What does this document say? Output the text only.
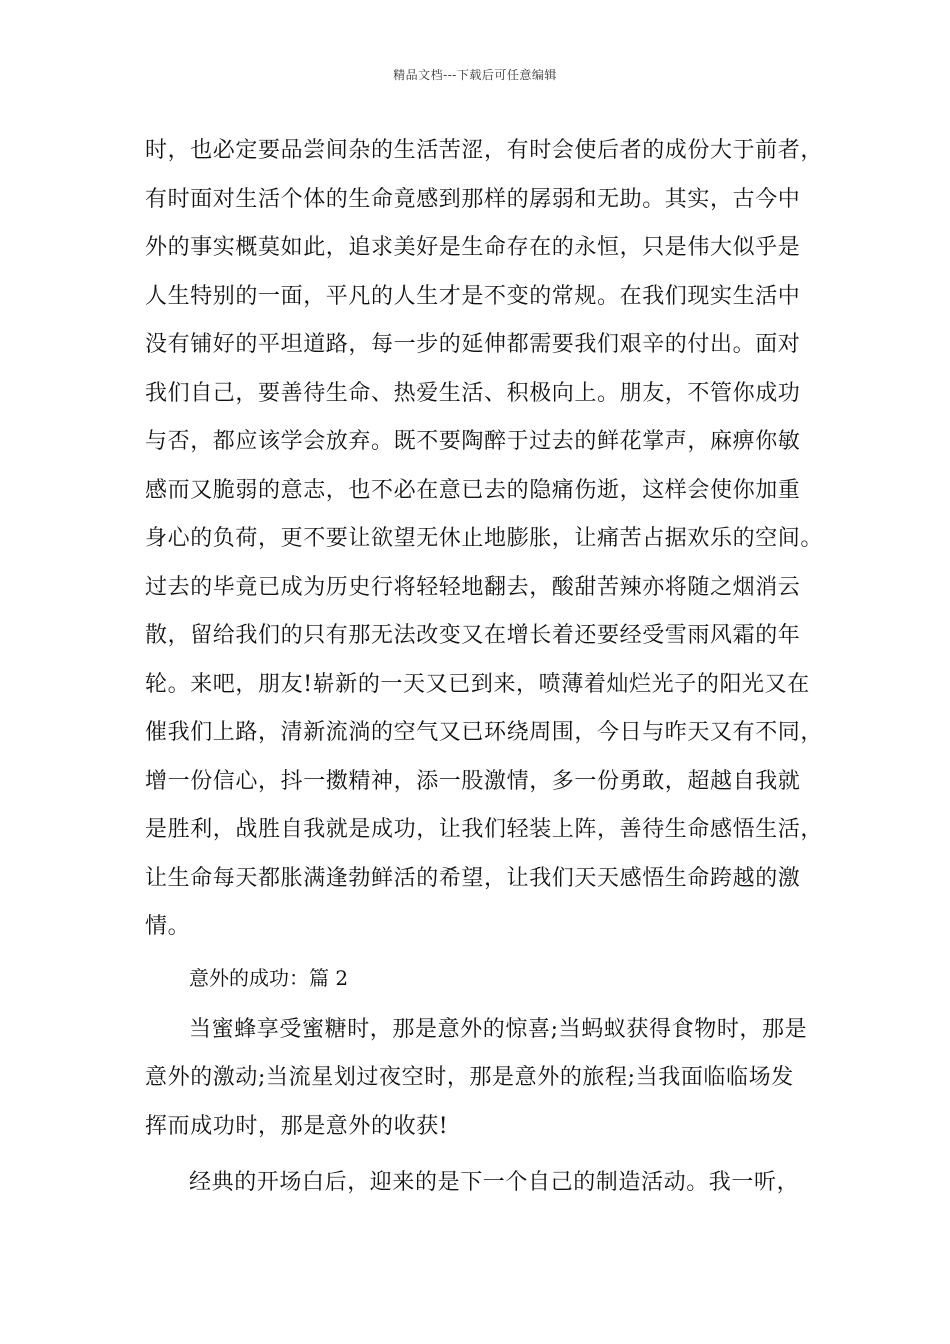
精品文档---下载后可任意编辑
时，也必定要品尝间杂的生活苦涩，有时会使后者的成份大于前者，
有时面对生活个体的生命竟感到那样的孱弱和无助。其实，古今中
外的事实概莫如此，追求美好是生命存在的永恒，只是伟大似乎是
人生特别的一面，平凡的人生才是不变的常规。在我们现实生活中
没有铺好的平坦道路，每一步的延伸都需要我们艰辛的付出。面对
我们自己，要善待生命、热爱生活、积极向上。朋友，不管你成功
与否，都应该学会放弃。既不要陶醉于过去的鲜花掌声，麻痹你敏
感而又脆弱的意志，也不必在意已去的隐痛伤逝，这样会使你加重
身心的负荷，更不要让欲望无休止地膨胀，让痛苦占据欢乐的空间。
过去的毕竟已成为历史行将轻轻地翻去，酸甜苦辣亦将随之烟消云
散，留给我们的只有那无法改变又在增长着还要经受雪雨风霜的年
轮。来吧，朋友!崭新的一天又已到来，喷薄着灿烂光子的阳光又在
催我们上路，清新流淌的空气又已环绕周围，今日与昨天又有不同，
增一份信心，抖一擞精神，添一股激情，多一份勇敢，超越自我就
是胜利，战胜自我就是成功，让我们轻装上阵，善待生命感悟生活，
让生命每天都胀满逢勃鲜活的希望，让我们天天感悟生命跨越的激
情。
意外的成功：篇 2
当蜜蜂享受蜜糖时，那是意外的惊喜;当蚂蚁获得食物时，那是
意外的激动;当流星划过夜空时，那是意外的旅程;当我面临临场发
挥而成功时，那是意外的收获!
经典的开场白后，迎来的是下一个自己的制造活动。我一听，
